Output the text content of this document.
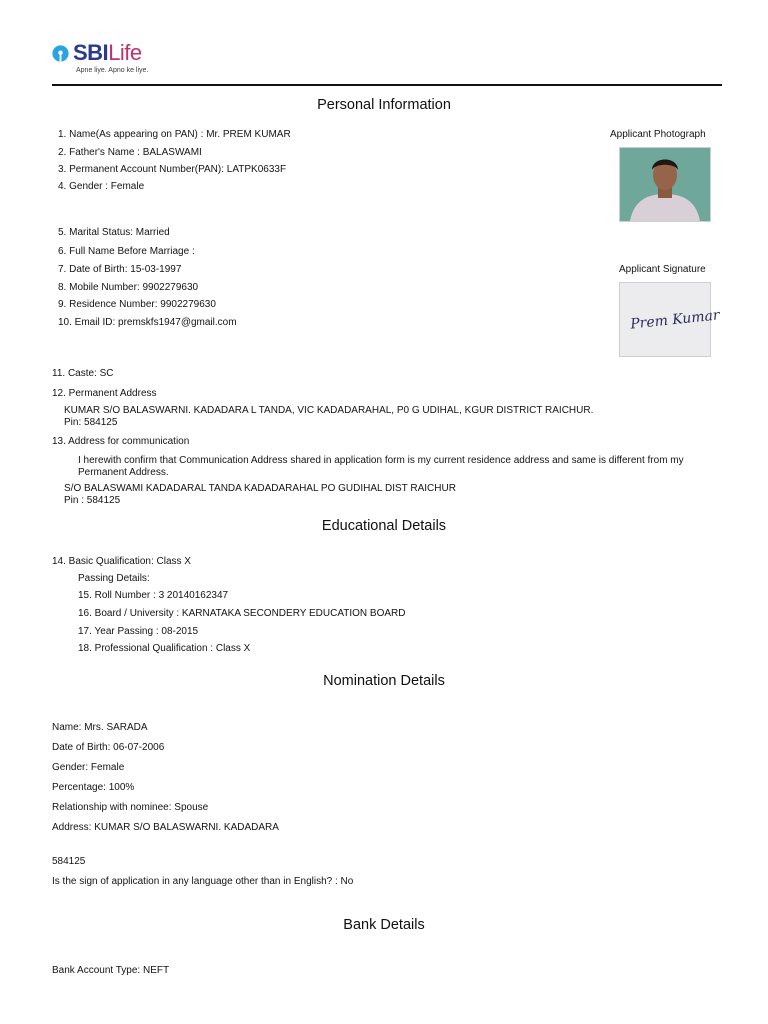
SBILife
Apne liye. Apno ke liye.
Personal Information
1. Name(As appearing on PAN) : Mr. PREM KUMAR	Applicant Photograph
2. Father's Name : BALASWAMI
3. Permanent Account Number(PAN): LATPK0633F
4. Gender : Female
5. Marital Status: Married
6. Full Name Before Marriage :
7. Date of Birth: 15-03-1997	Applicant Signature
8. Mobile Number: 9902279630
9. Residence Number: 9902279630
10. Email ID: premskfs1947@gmail.com	Prem Kumar
11. Caste: SC
12. Permanent Address
KUMAR S/O BALASWARNI. KADADARA L TANDA, VIC KADADARAHAL, P0 G UDIHAL, KGUR DISTRICT RAICHUR.
Pin: 584125
13. Address for communication
I herewith confirm that Communication Address shared in application form is my current residence address and same is different from my Permanent Address.
S/O BALASWAMI KADADARAL TANDA KADADARAHAL PO GUDIHAL DIST RAICHUR
Pin : 584125
Educational Details
14. Basic Qualification: Class X
Passing Details:
15. Roll Number : 3 20140162347
16. Board / University : KARNATAKA SECONDERY EDUCATION BOARD
17. Year Passing : 08-2015
18. Professional Qualification : Class X
Nomination Details
Name: Mrs. SARADA
Date of Birth: 06-07-2006
Gender: Female
Percentage: 100%
Relationship with nominee: Spouse
Address: KUMAR S/O BALASWARNI. KADADARA
584125
Is the sign of application in any language other than in English? : No
Bank Details
Bank Account Type: NEFT
